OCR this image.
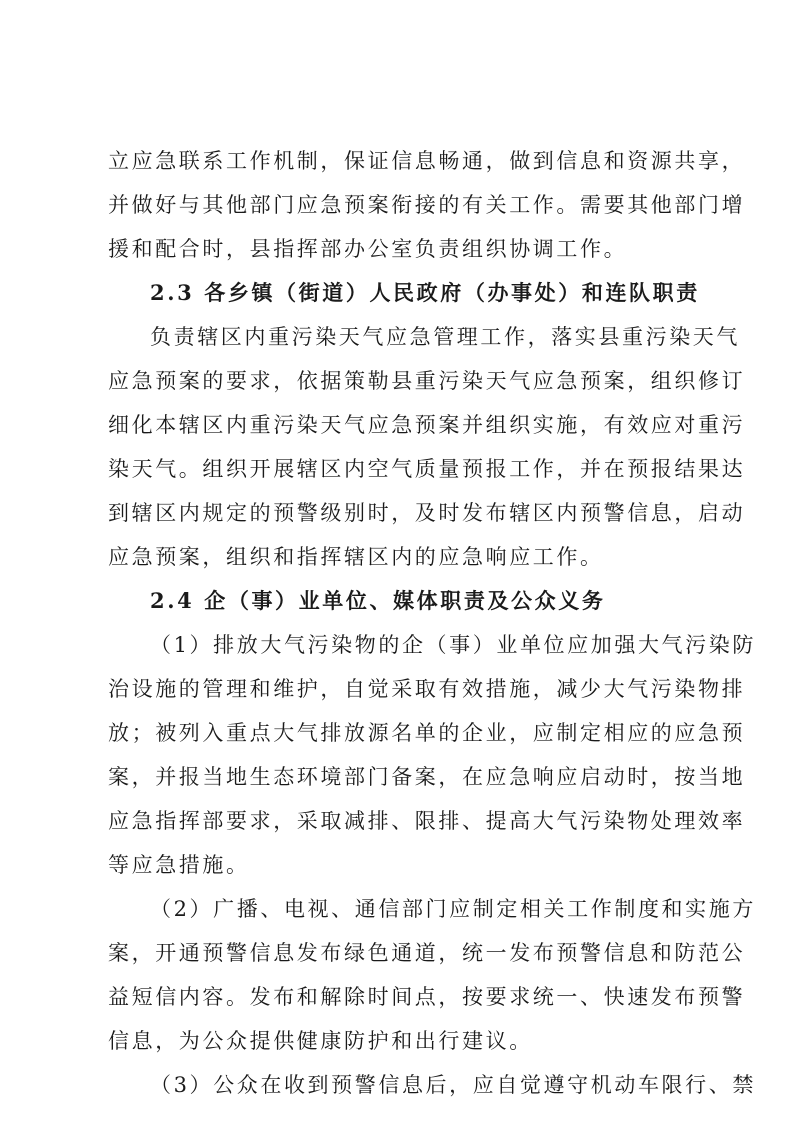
立应急联系工作机制，保证信息畅通，做到信息和资源共享，
并做好与其他部门应急预案衔接的有关工作。需要其他部门增
援和配合时，县指挥部办公室负责组织协调工作。
2.3 各乡镇（街道）人民政府（办事处）和连队职责
负责辖区内重污染天气应急管理工作，落实县重污染天气
应急预案的要求，依据策勒县重污染天气应急预案，组织修订
细化本辖区内重污染天气应急预案并组织实施，有效应对重污
染天气。组织开展辖区内空气质量预报工作，并在预报结果达
到辖区内规定的预警级别时，及时发布辖区内预警信息，启动
应急预案，组织和指挥辖区内的应急响应工作。
2.4 企（事）业单位、媒体职责及公众义务
（1）排放大气污染物的企（事）业单位应加强大气污染防
治设施的管理和维护，自觉采取有效措施，减少大气污染物排
放；被列入重点大气排放源名单的企业，应制定相应的应急预
案，并报当地生态环境部门备案，在应急响应启动时，按当地
应急指挥部要求，采取减排、限排、提高大气污染物处理效率
等应急措施。
（2）广播、电视、通信部门应制定相关工作制度和实施方
案，开通预警信息发布绿色通道，统一发布预警信息和防范公
益短信内容。发布和解除时间点，按要求统一、快速发布预警
信息，为公众提供健康防护和出行建议。
（3）公众在收到预警信息后，应自觉遵守机动车限行、禁
